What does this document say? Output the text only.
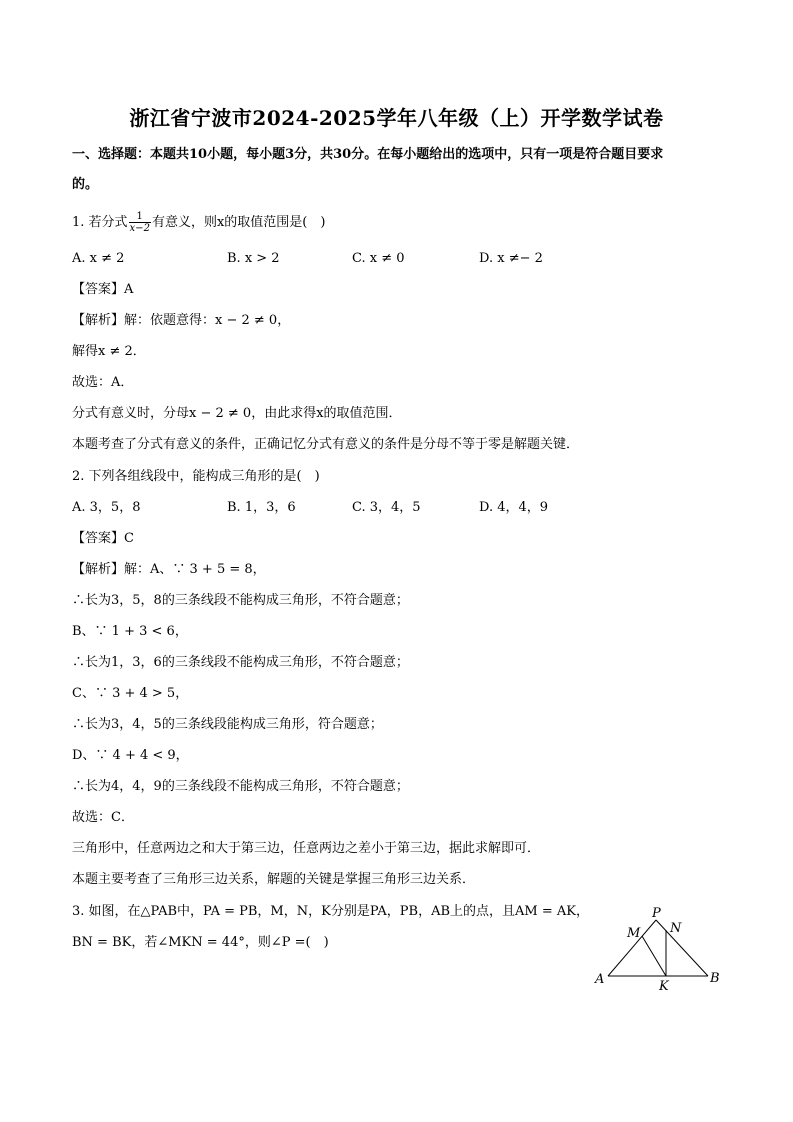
浙江省宁波市2024-2025学年八年级（上）开学数学试卷
一、选择题：本题共10小题，每小题3分，共30分。在每小题给出的选项中，只有一项是符合题目要求
的。
1. 若分式 $\frac{1}{x-2}$ 有意义，则x的取值范围是(　)
A. x ≠ 2	B. x > 2	C. x ≠ 0	D. x ≠− 2
【答案】A
【解析】解：依题意得：x − 2 ≠ 0，
解得x ≠ 2．
故选：A．
分式有意义时，分母x − 2 ≠ 0，由此求得x的取值范围．
本题考查了分式有意义的条件，正确记忆分式有意义的条件是分母不等于零是解题关键．
2. 下列各组线段中，能构成三角形的是(　)
A. 3，5，8	B. 1，3，6	C. 3，4，5	D. 4，4，9
【答案】C
【解析】解：A、∵ 3 + 5 = 8，
∴长为3，5，8的三条线段不能构成三角形，不符合题意；
B、∵ 1 + 3 < 6，
∴长为1，3，6的三条线段不能构成三角形，不符合题意；
C、∵ 3 + 4 > 5，
∴长为3，4，5的三条线段能构成三角形，符合题意；
D、∵ 4 + 4 < 9，
∴长为4，4，9的三条线段不能构成三角形，不符合题意；
故选：C．
三角形中，任意两边之和大于第三边，任意两边之差小于第三边，据此求解即可．
本题主要考查了三角形三边关系，解题的关键是掌握三角形三边关系．
3. 如图，在△PAB中，PA = PB，M，N，K分别是PA，PB，AB上的点，且AM = AK，
BN = BK，若∠MKN = 44°，则∠P =(　)
P
M N
A	K
B
